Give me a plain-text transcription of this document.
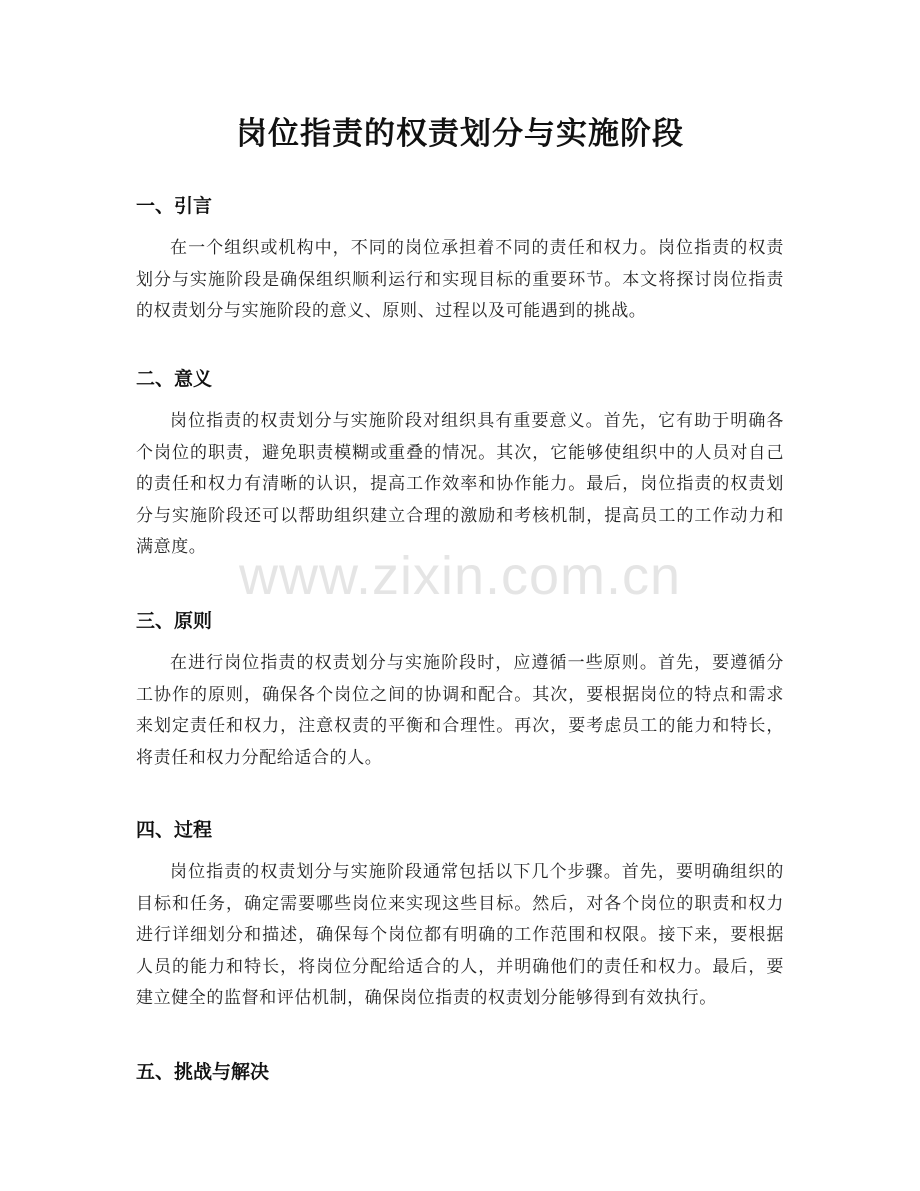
岗位指责的权责划分与实施阶段
一、引言

在一个组织或机构中，不同的岗位承担着不同的责任和权力。岗位指责的权责划分与实施阶段是确保组织顺利运行和实现目标的重要环节。本文将探讨岗位指责的权责划分与实施阶段的意义、原则、过程以及可能遇到的挑战。

二、意义

岗位指责的权责划分与实施阶段对组织具有重要意义。首先，它有助于明确各个岗位的职责，避免职责模糊或重叠的情况。其次，它能够使组织中的人员对自己的责任和权力有清晰的认识，提高工作效率和协作能力。最后，岗位指责的权责划分与实施阶段还可以帮助组织建立合理的激励和考核机制，提高员工的工作动力和满意度。

三、原则

在进行岗位指责的权责划分与实施阶段时，应遵循一些原则。首先，要遵循分工协作的原则，确保各个岗位之间的协调和配合。其次，要根据岗位的特点和需求来划定责任和权力，注意权责的平衡和合理性。再次，要考虑员工的能力和特长，将责任和权力分配给适合的人。

四、过程

岗位指责的权责划分与实施阶段通常包括以下几个步骤。首先，要明确组织的目标和任务，确定需要哪些岗位来实现这些目标。然后，对各个岗位的职责和权力进行详细划分和描述，确保每个岗位都有明确的工作范围和权限。接下来，要根据人员的能力和特长，将岗位分配给适合的人，并明确他们的责任和权力。最后，要建立健全的监督和评估机制，确保岗位指责的权责划分能够得到有效执行。

五、挑战与解决
www.zixin.com.cn
